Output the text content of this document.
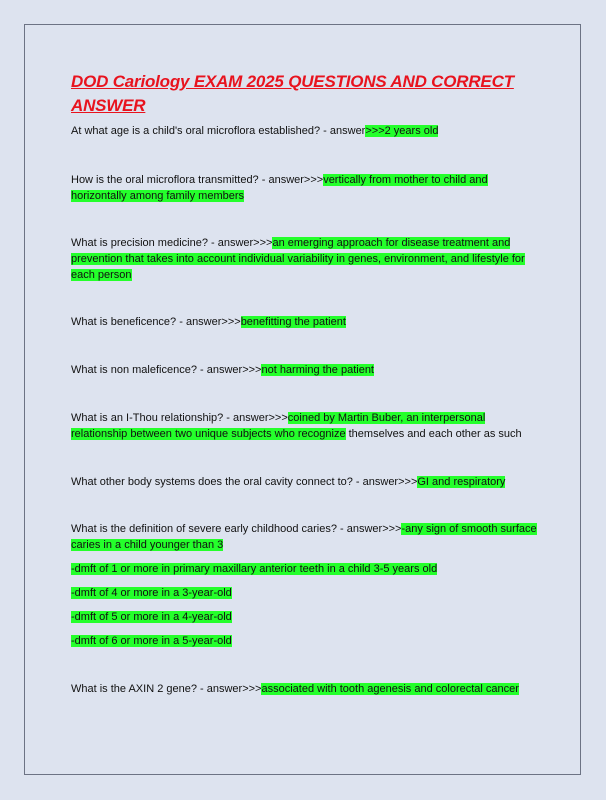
DOD Cariology EXAM 2025 QUESTIONS AND CORRECT ANSWER

At what age is a child's oral microflora established? - answer>>>2 years old

How is the oral microflora transmitted? - answer>>>vertically from mother to child and horizontally among family members

What is precision medicine? - answer>>>an emerging approach for disease treatment and prevention that takes into account individual variability in genes, environment, and lifestyle for each person

What is beneficence? - answer>>>benefitting the patient

What is non maleficence? - answer>>>not harming the patient

What is an I-Thou relationship? - answer>>>coined by Martin Buber, an interpersonal relationship between two unique subjects who recognize themselves and each other as such

What other body systems does the oral cavity connect to? - answer>>>GI and respiratory

What is the definition of severe early childhood caries? - answer>>>-any sign of smooth surface caries in a child younger than 3

-dmft of 1 or more in primary maxillary anterior teeth in a child 3-5 years old

-dmft of 4 or more in a 3-year-old

-dmft of 5 or more in a 4-year-old

-dmft of 6 or more in a 5-year-old

What is the AXIN 2 gene? - answer>>>associated with tooth agenesis and colorectal cancer
